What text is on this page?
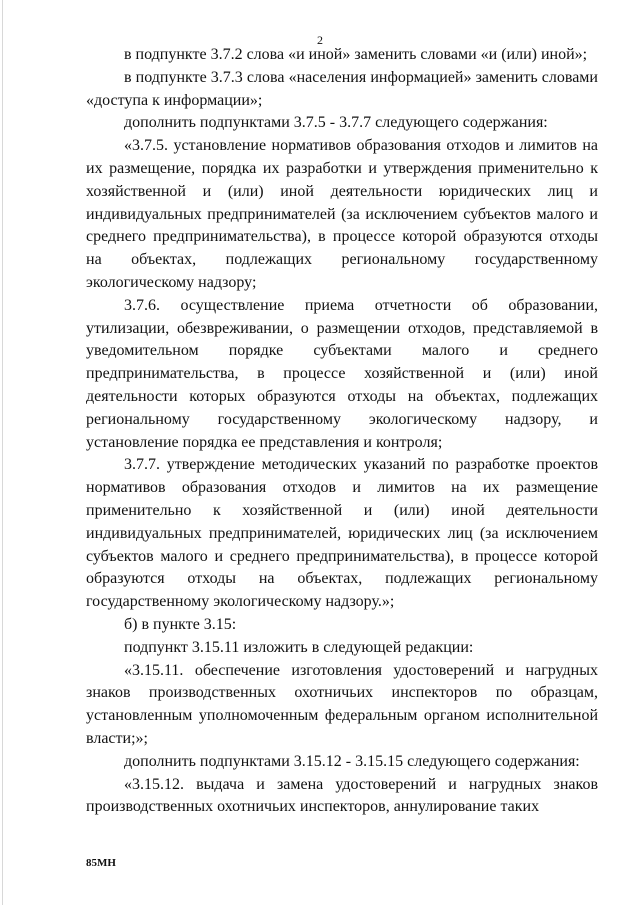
2

в подпункте 3.7.2 слова «и иной» заменить словами «и (или) иной»;

в подпункте 3.7.3 слова «населения информацией» заменить словами «доступа к информации»;

дополнить подпунктами 3.7.5 - 3.7.7 следующего содержания:

«3.7.5. установление нормативов образования отходов и лимитов на их размещение, порядка их разработки и утверждения применительно к хозяйственной и (или) иной деятельности юридических лиц и индивидуальных предпринимателей (за исключением субъектов малого и среднего предпринимательства), в процессе которой образуются отходы на объектах, подлежащих региональному государственному экологическому надзору;

3.7.6. осуществление приема отчетности об образовании, утилизации, обезвреживании, о размещении отходов, представляемой в уведомительном порядке субъектами малого и среднего предпринимательства, в процессе хозяйственной и (или) иной деятельности которых образуются отходы на объектах, подлежащих региональному государственному экологическому надзору, и установление порядка ее представления и контроля;

3.7.7. утверждение методических указаний по разработке проектов нормативов образования отходов и лимитов на их размещение применительно к хозяйственной и (или) иной деятельности индивидуальных предпринимателей, юридических лиц (за исключением субъектов малого и среднего предпринимательства), в процессе которой образуются отходы на объектах, подлежащих региональному государственному экологическому надзору.»;

б) в пункте 3.15:

подпункт 3.15.11 изложить в следующей редакции:

«3.15.11. обеспечение изготовления удостоверений и нагрудных знаков производственных охотничьих инспекторов по образцам, установленным уполномоченным федеральным органом исполнительной власти;»;

дополнить подпунктами 3.15.12 - 3.15.15 следующего содержания:

«3.15.12. выдача и замена удостоверений и нагрудных знаков производственных охотничьих инспекторов, аннулирование таких

85МН
